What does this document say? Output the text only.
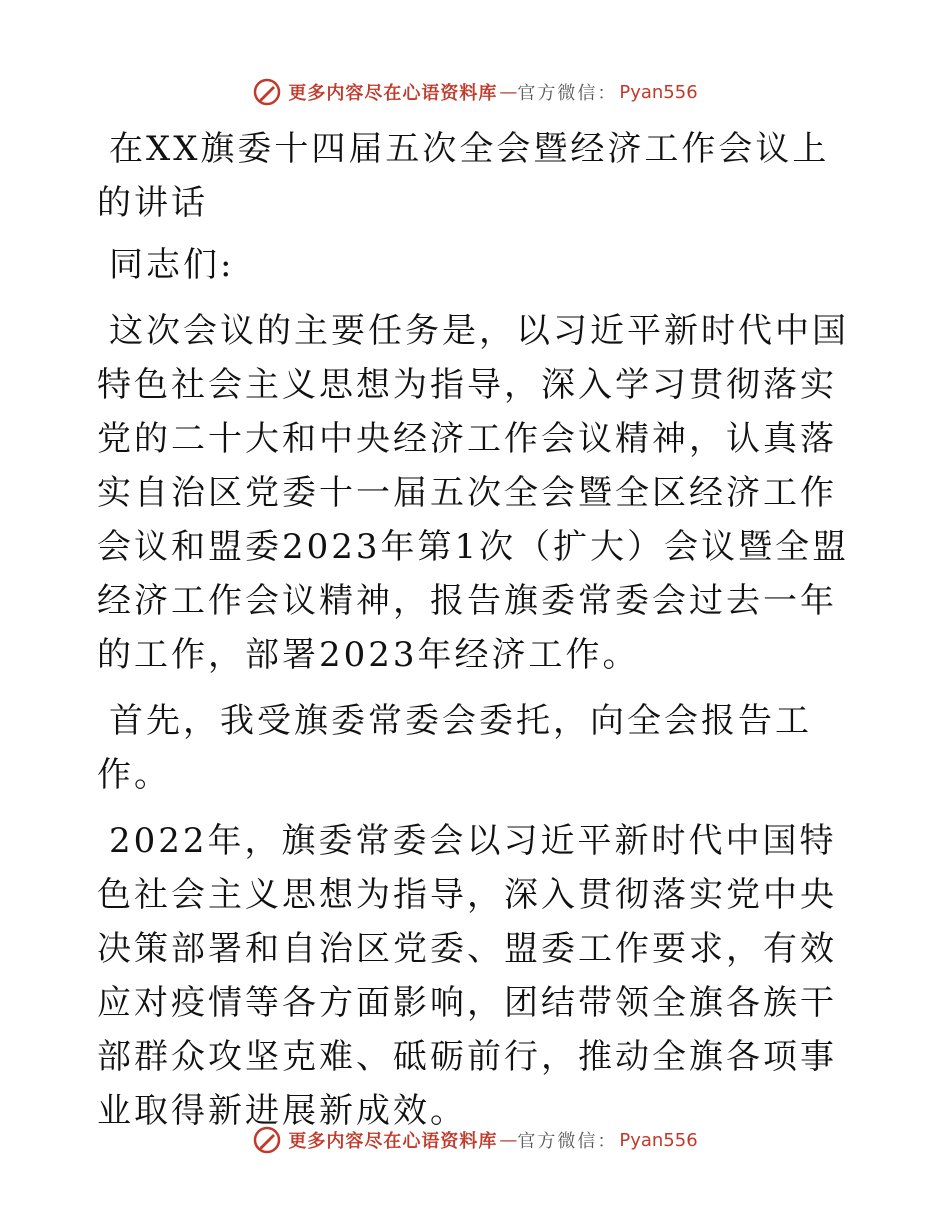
更多内容尽在心语资料库 — 官方微信： Pyan556

在XX旗委十四届五次全会暨经济工作会议上的讲话

同志们:

这次会议的主要任务是，以习近平新时代中国特色社会主义思想为指导，深入学习贯彻落实党的二十大和中央经济工作会议精神，认真落实自治区党委十一届五次全会暨全区经济工作会议和盟委2023年第1次（扩大）会议暨全盟经济工作会议精神，报告旗委常委会过去一年的工作，部署2023年经济工作。

首先，我受旗委常委会委托，向全会报告工作。

2022年，旗委常委会以习近平新时代中国特色社会主义思想为指导，深入贯彻落实党中央决策部署和自治区党委、盟委工作要求，有效应对疫情等各方面影响，团结带领全旗各族干部群众攻坚克难、砥砺前行，推动全旗各项事业取得新进展新成效。

更多内容尽在心语资料库 — 官方微信： Pyan556
